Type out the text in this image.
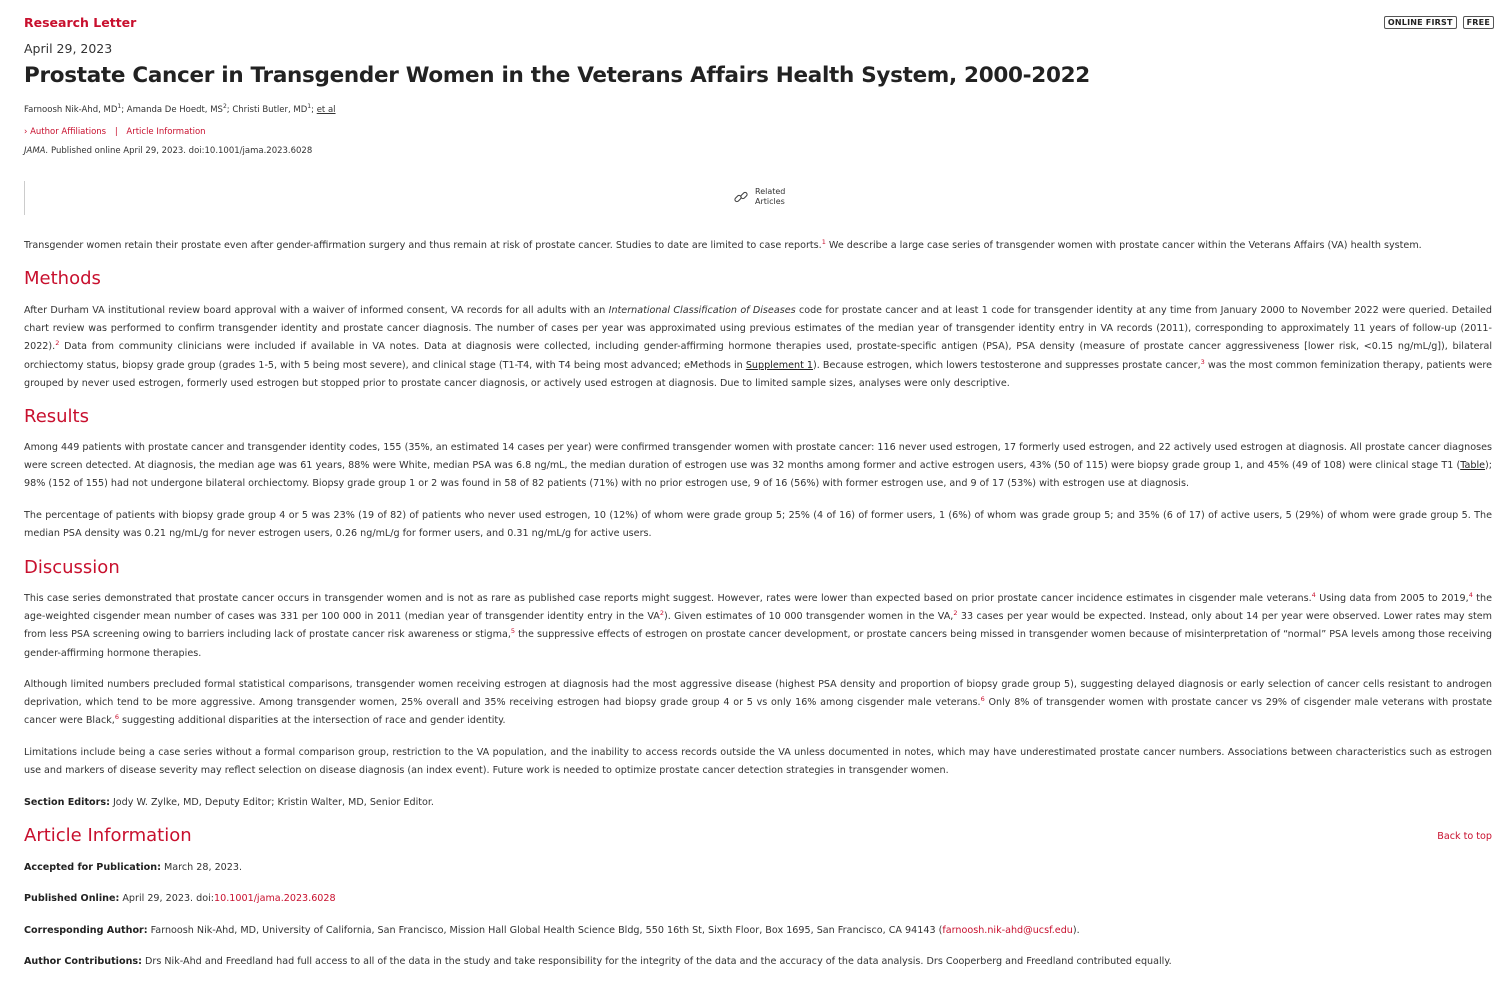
Research Letter	ONLINE FIRST	FREE
April 29, 2023
Prostate Cancer in Transgender Women in the Veterans Affairs Health System, 2000-2022
Farnoosh Nik-Ahd, $MD^1$; Amanda De Hoedt, $MS^2$; Christi Butler, $MD^1$; et al
› Author Affiliations | Article Information
JAMA. Published online April 29, 2023. doi:10.1001/jama.2023.6028
Related
Articles
Transgender women retain their prostate even after gender-affirmation surgery and thus remain at risk of prostate cancer. Studies to date are limited to case reports.$^1$ We describe a large case series of transgender women with prostate cancer within the Veterans Affairs (VA) health system.
Methods
After Durham VA institutional review board approval with a waiver of informed consent, VA records for all adults with an International Classification of Diseases code for prostate cancer and at least 1 code for transgender identity at any time from January 2000 to November 2022 were queried. Detailed chart review was performed to confirm transgender identity and prostate cancer diagnosis. The number of cases per year was approximated using previous estimates of the median year of transgender identity entry in VA records (2011), corresponding to approximately 11 years of follow-up (2011-2022).$^2$ Data from community clinicians were included if available in VA notes. Data at diagnosis were collected, including gender-affirming hormone therapies used, prostate-specific antigen (PSA), PSA density (measure of prostate cancer aggressiveness [lower risk, <0.15 ng/mL/g]), bilateral orchiectomy status, biopsy grade group (grades 1-5, with 5 being most severe), and clinical stage (T1-T4, with T4 being most advanced; eMethods in Supplement 1). Because estrogen, which lowers testosterone and suppresses prostate cancer,$^3$ was the most common feminization therapy, patients were grouped by never used estrogen, formerly used estrogen but stopped prior to prostate cancer diagnosis, or actively used estrogen at diagnosis. Due to limited sample sizes, analyses were only descriptive.
Results
Among 449 patients with prostate cancer and transgender identity codes, 155 (35%, an estimated 14 cases per year) were confirmed transgender women with prostate cancer: 116 never used estrogen, 17 formerly used estrogen, and 22 actively used estrogen at diagnosis. All prostate cancer diagnoses were screen detected. At diagnosis, the median age was 61 years, 88% were White, median PSA was 6.8 ng/mL, the median duration of estrogen use was 32 months among former and active estrogen users, 43% (50 of 115) were biopsy grade group 1, and 45% (49 of 108) were clinical stage T1 (Table); 98% (152 of 155) had not undergone bilateral orchiectomy. Biopsy grade group 1 or 2 was found in 58 of 82 patients (71%) with no prior estrogen use, 9 of 16 (56%) with former estrogen use, and 9 of 17 (53%) with estrogen use at diagnosis.
The percentage of patients with biopsy grade group 4 or 5 was 23% (19 of 82) of patients who never used estrogen, 10 (12%) of whom were grade group 5; 25% (4 of 16) of former users, 1 (6%) of whom was grade group 5; and 35% (6 of 17) of active users, 5 (29%) of whom were grade group 5. The median PSA density was 0.21 ng/mL/g for never estrogen users, 0.26 ng/mL/g for former users, and 0.31 ng/mL/g for active users.
Discussion
This case series demonstrated that prostate cancer occurs in transgender women and is not as rare as published case reports might suggest. However, rates were lower than expected based on prior prostate cancer incidence estimates in cisgender male veterans.$^4$ Using data from 2005 to 2019,$^4$ the age-weighted cisgender mean number of cases was 331 per 100 000 in 2011 (median year of transgender identity entry in the $VA^2$). Given estimates of 10 000 transgender women in the VA,$^2$ 33 cases per year would be expected. Instead, only about 14 per year were observed. Lower rates may stem from less PSA screening owing to barriers including lack of prostate cancer risk awareness or stigma,$^5$ the suppressive effects of estrogen on prostate cancer development, or prostate cancers being missed in transgender women because of misinterpretation of “normal” PSA levels among those receiving gender-affirming hormone therapies.
Although limited numbers precluded formal statistical comparisons, transgender women receiving estrogen at diagnosis had the most aggressive disease (highest PSA density and proportion of biopsy grade group 5), suggesting delayed diagnosis or early selection of cancer cells resistant to androgen deprivation, which tend to be more aggressive. Among transgender women, 25% overall and 35% receiving estrogen had biopsy grade group 4 or 5 vs only 16% among cisgender male veterans.$^6$ Only 8% of transgender women with prostate cancer vs 29% of cisgender male veterans with prostate cancer were Black,$^6$ suggesting additional disparities at the intersection of race and gender identity.
Limitations include being a case series without a formal comparison group, restriction to the VA population, and the inability to access records outside the VA unless documented in notes, which may have underestimated prostate cancer numbers. Associations between characteristics such as estrogen use and markers of disease severity may reflect selection on disease diagnosis (an index event). Future work is needed to optimize prostate cancer detection strategies in transgender women.
Section Editors: Jody W. Zylke, MD, Deputy Editor; Kristin Walter, MD, Senior Editor.
Article Information	Back to top
Accepted for Publication: March 28, 2023.
Published Online: April 29, 2023. doi:10.1001/jama.2023.6028
Corresponding Author: Farnoosh Nik-Ahd, MD, University of California, San Francisco, Mission Hall Global Health Science Bldg, 550 16th St, Sixth Floor, Box 1695, San Francisco, CA 94143 (farnoosh.nik-ahd@ucsf.edu).
Author Contributions: Drs Nik-Ahd and Freedland had full access to all of the data in the study and take responsibility for the integrity of the data and the accuracy of the data analysis. Drs Cooperberg and Freedland contributed equally.
